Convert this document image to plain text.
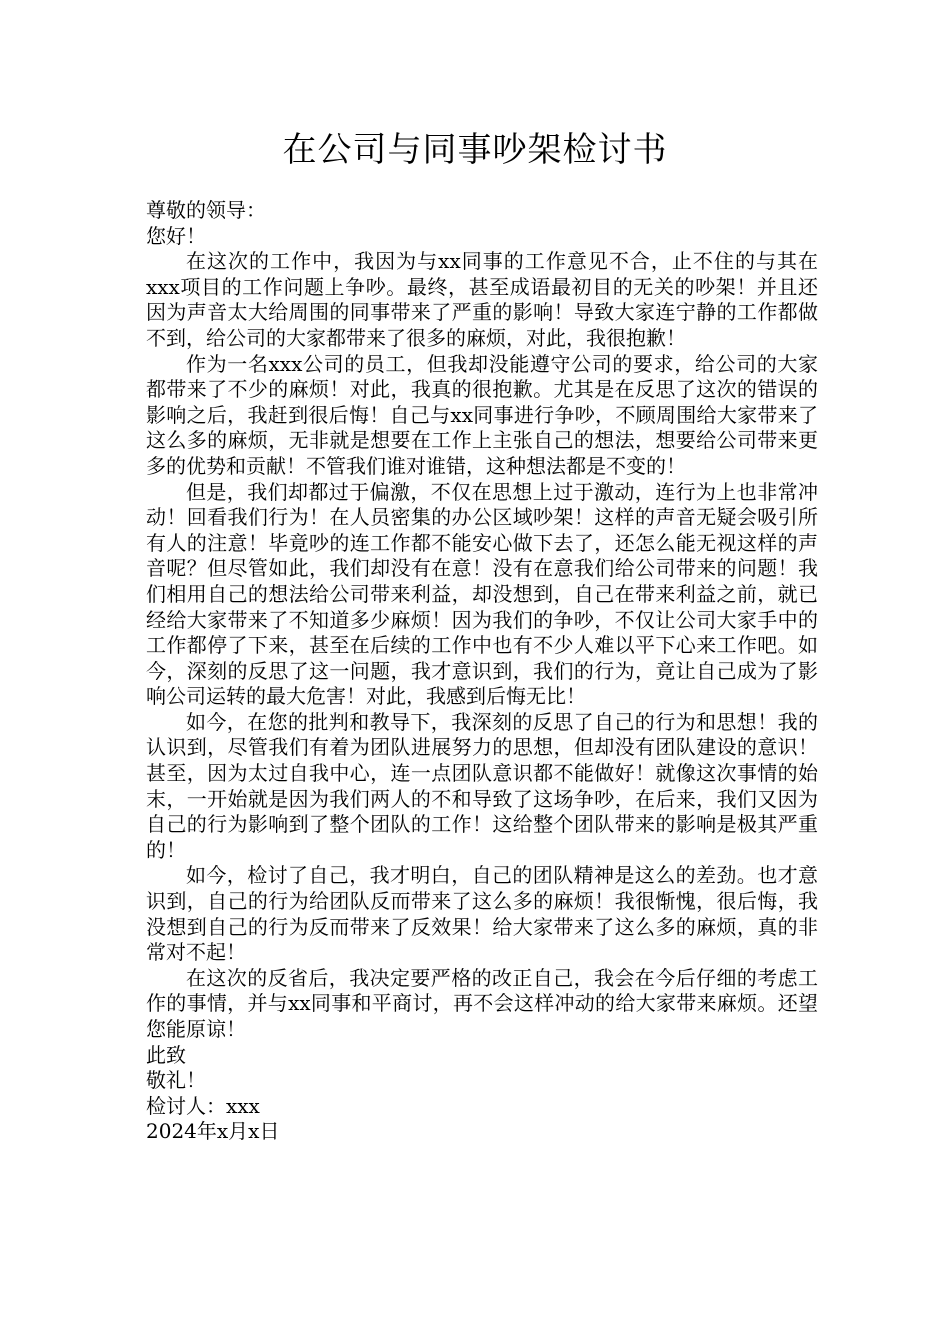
在公司与同事吵架检讨书

尊敬的领导：

您好！

在这次的工作中，我因为与xx同事的工作意见不合，止不住的与其在xxx项目的工作问题上争吵。最终，甚至成语最初目的无关的吵架！并且还因为声音太大给周围的同事带来了严重的影响！导致大家连宁静的工作都做不到，给公司的大家都带来了很多的麻烦，对此，我很抱歉！

作为一名xxx公司的员工，但我却没能遵守公司的要求，给公司的大家都带来了不少的麻烦！对此，我真的很抱歉。尤其是在反思了这次的错误的影响之后，我赶到很后悔！自己与xx同事进行争吵，不顾周围给大家带来了这么多的麻烦，无非就是想要在工作上主张自己的想法，想要给公司带来更多的优势和贡献！不管我们谁对谁错，这种想法都是不变的！

但是，我们却都过于偏激，不仅在思想上过于激动，连行为上也非常冲动！回看我们行为！在人员密集的办公区域吵架！这样的声音无疑会吸引所有人的注意！毕竟吵的连工作都不能安心做下去了，还怎么能无视这样的声音呢？但尽管如此，我们却没有在意！没有在意我们给公司带来的问题！我们相用自己的想法给公司带来利益，却没想到，自己在带来利益之前，就已经给大家带来了不知道多少麻烦！因为我们的争吵，不仅让公司大家手中的工作都停了下来，甚至在后续的工作中也有不少人难以平下心来工作吧。如今，深刻的反思了这一问题，我才意识到，我们的行为，竟让自己成为了影响公司运转的最大危害！对此，我感到后悔无比！

如今，在您的批判和教导下，我深刻的反思了自己的行为和思想！我的认识到，尽管我们有着为团队进展努力的思想，但却没有团队建设的意识！甚至，因为太过自我中心，连一点团队意识都不能做好！就像这次事情的始末，一开始就是因为我们两人的不和导致了这场争吵，在后来，我们又因为自己的行为影响到了整个团队的工作！这给整个团队带来的影响是极其严重的！

如今，检讨了自己，我才明白，自己的团队精神是这么的差劲。也才意识到，自己的行为给团队反而带来了这么多的麻烦！我很惭愧，很后悔，我没想到自己的行为反而带来了反效果！给大家带来了这么多的麻烦，真的非常对不起！

在这次的反省后，我决定要严格的改正自己，我会在今后仔细的考虑工作的事情，并与xx同事和平商讨，再不会这样冲动的给大家带来麻烦。还望您能原谅！

此致

敬礼！

检讨人：xxx

2024年x月x日
